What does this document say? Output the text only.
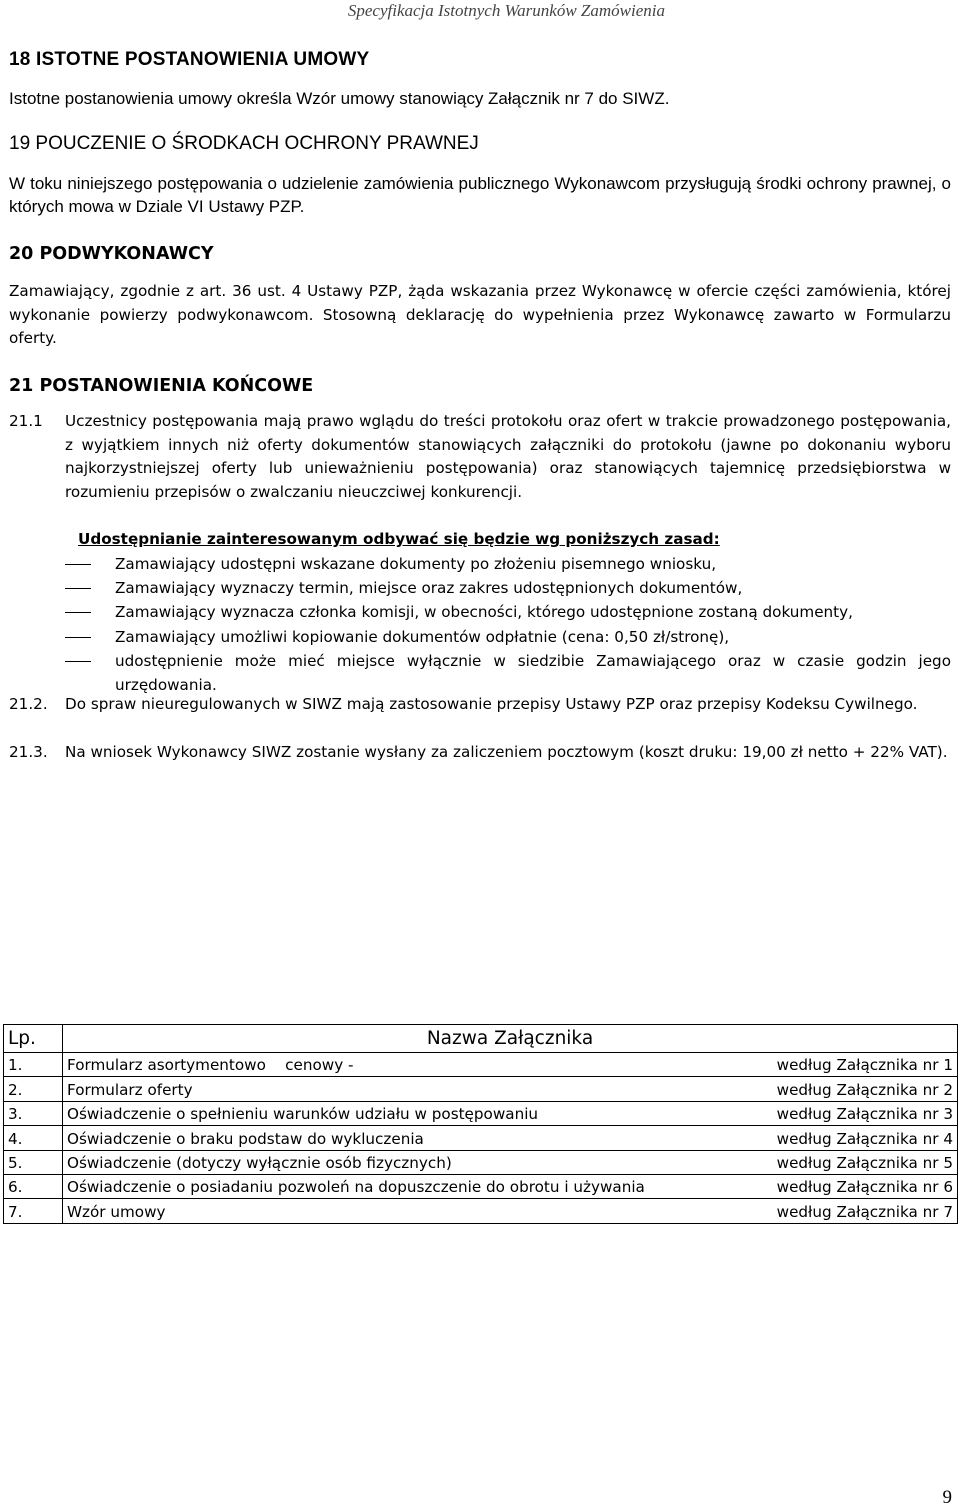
Specyfikacja Istotnych Warunków Zamówienia
18 ISTOTNE POSTANOWIENIA UMOWY
Istotne postanowienia umowy określa Wzór umowy stanowiący Załącznik nr 7 do SIWZ.
19 POUCZENIE O ŚRODKACH OCHRONY PRAWNEJ
W toku niniejszego postępowania o udzielenie zamówienia publicznego Wykonawcom przysługują środki ochrony prawnej, o których mowa w Dziale VI Ustawy PZP.
20 PODWYKONAWCY
Zamawiający, zgodnie z art. 36 ust. 4 Ustawy PZP, żąda wskazania przez Wykonawcę w ofercie części zamówienia, której wykonanie powierzy podwykonawcom. Stosowną deklarację do wypełnienia przez Wykonawcę zawarto w Formularzu oferty.
21 POSTANOWIENIA KOŃCOWE
21.1 Uczestnicy postępowania mają prawo wglądu do treści protokołu oraz ofert w trakcie prowadzonego postępowania, z wyjątkiem innych niż oferty dokumentów stanowiących załączniki do protokołu (jawne po dokonaniu wyboru najkorzystniejszej oferty lub unieważnieniu postępowania) oraz stanowiących tajemnicę przedsiębiorstwa w rozumieniu przepisów o zwalczaniu nieuczciwej konkurencji.
Udostępnianie zainteresowanym odbywać się będzie wg poniższych zasad:
Zamawiający udostępni wskazane dokumenty po złożeniu pisemnego wniosku,
Zamawiający wyznaczy termin, miejsce oraz zakres udostępnionych dokumentów,
Zamawiający wyznacza członka komisji, w obecności, którego udostępnione zostaną dokumenty,
Zamawiający umożliwi kopiowanie dokumentów odpłatnie (cena: 0,50 zł/stronę),
udostępnienie może mieć miejsce wyłącznie w siedzibie Zamawiającego oraz w czasie godzin jego urzędowania.
21.2. Do spraw nieuregulowanych w SIWZ mają zastosowanie przepisy Ustawy PZP oraz przepisy Kodeksu Cywilnego.
21.3. Na wniosek Wykonawcy SIWZ zostanie wysłany za zaliczeniem pocztowym (koszt druku: 19,00 zł netto + 22% VAT).
Lp.	Nazwa Załącznika
1.	Formularz asortymentowo    cenowy - według Załącznika nr 1

2.	Formularz oferty według Załącznika nr 2

3.	Oświadczenie o spełnieniu warunków udziału w postępowaniu według Załącznika nr 3

4.	Oświadczenie o braku podstaw do wykluczenia według Załącznika nr 4

5.	Oświadczenie (dotyczy wyłącznie osób fizycznych) według Załącznika nr 5

6.	Oświadczenie o posiadaniu pozwoleń na dopuszczenie do obrotu i używania według Załącznika nr 6

7.	Wzór umowy według Załącznika nr 7
9
